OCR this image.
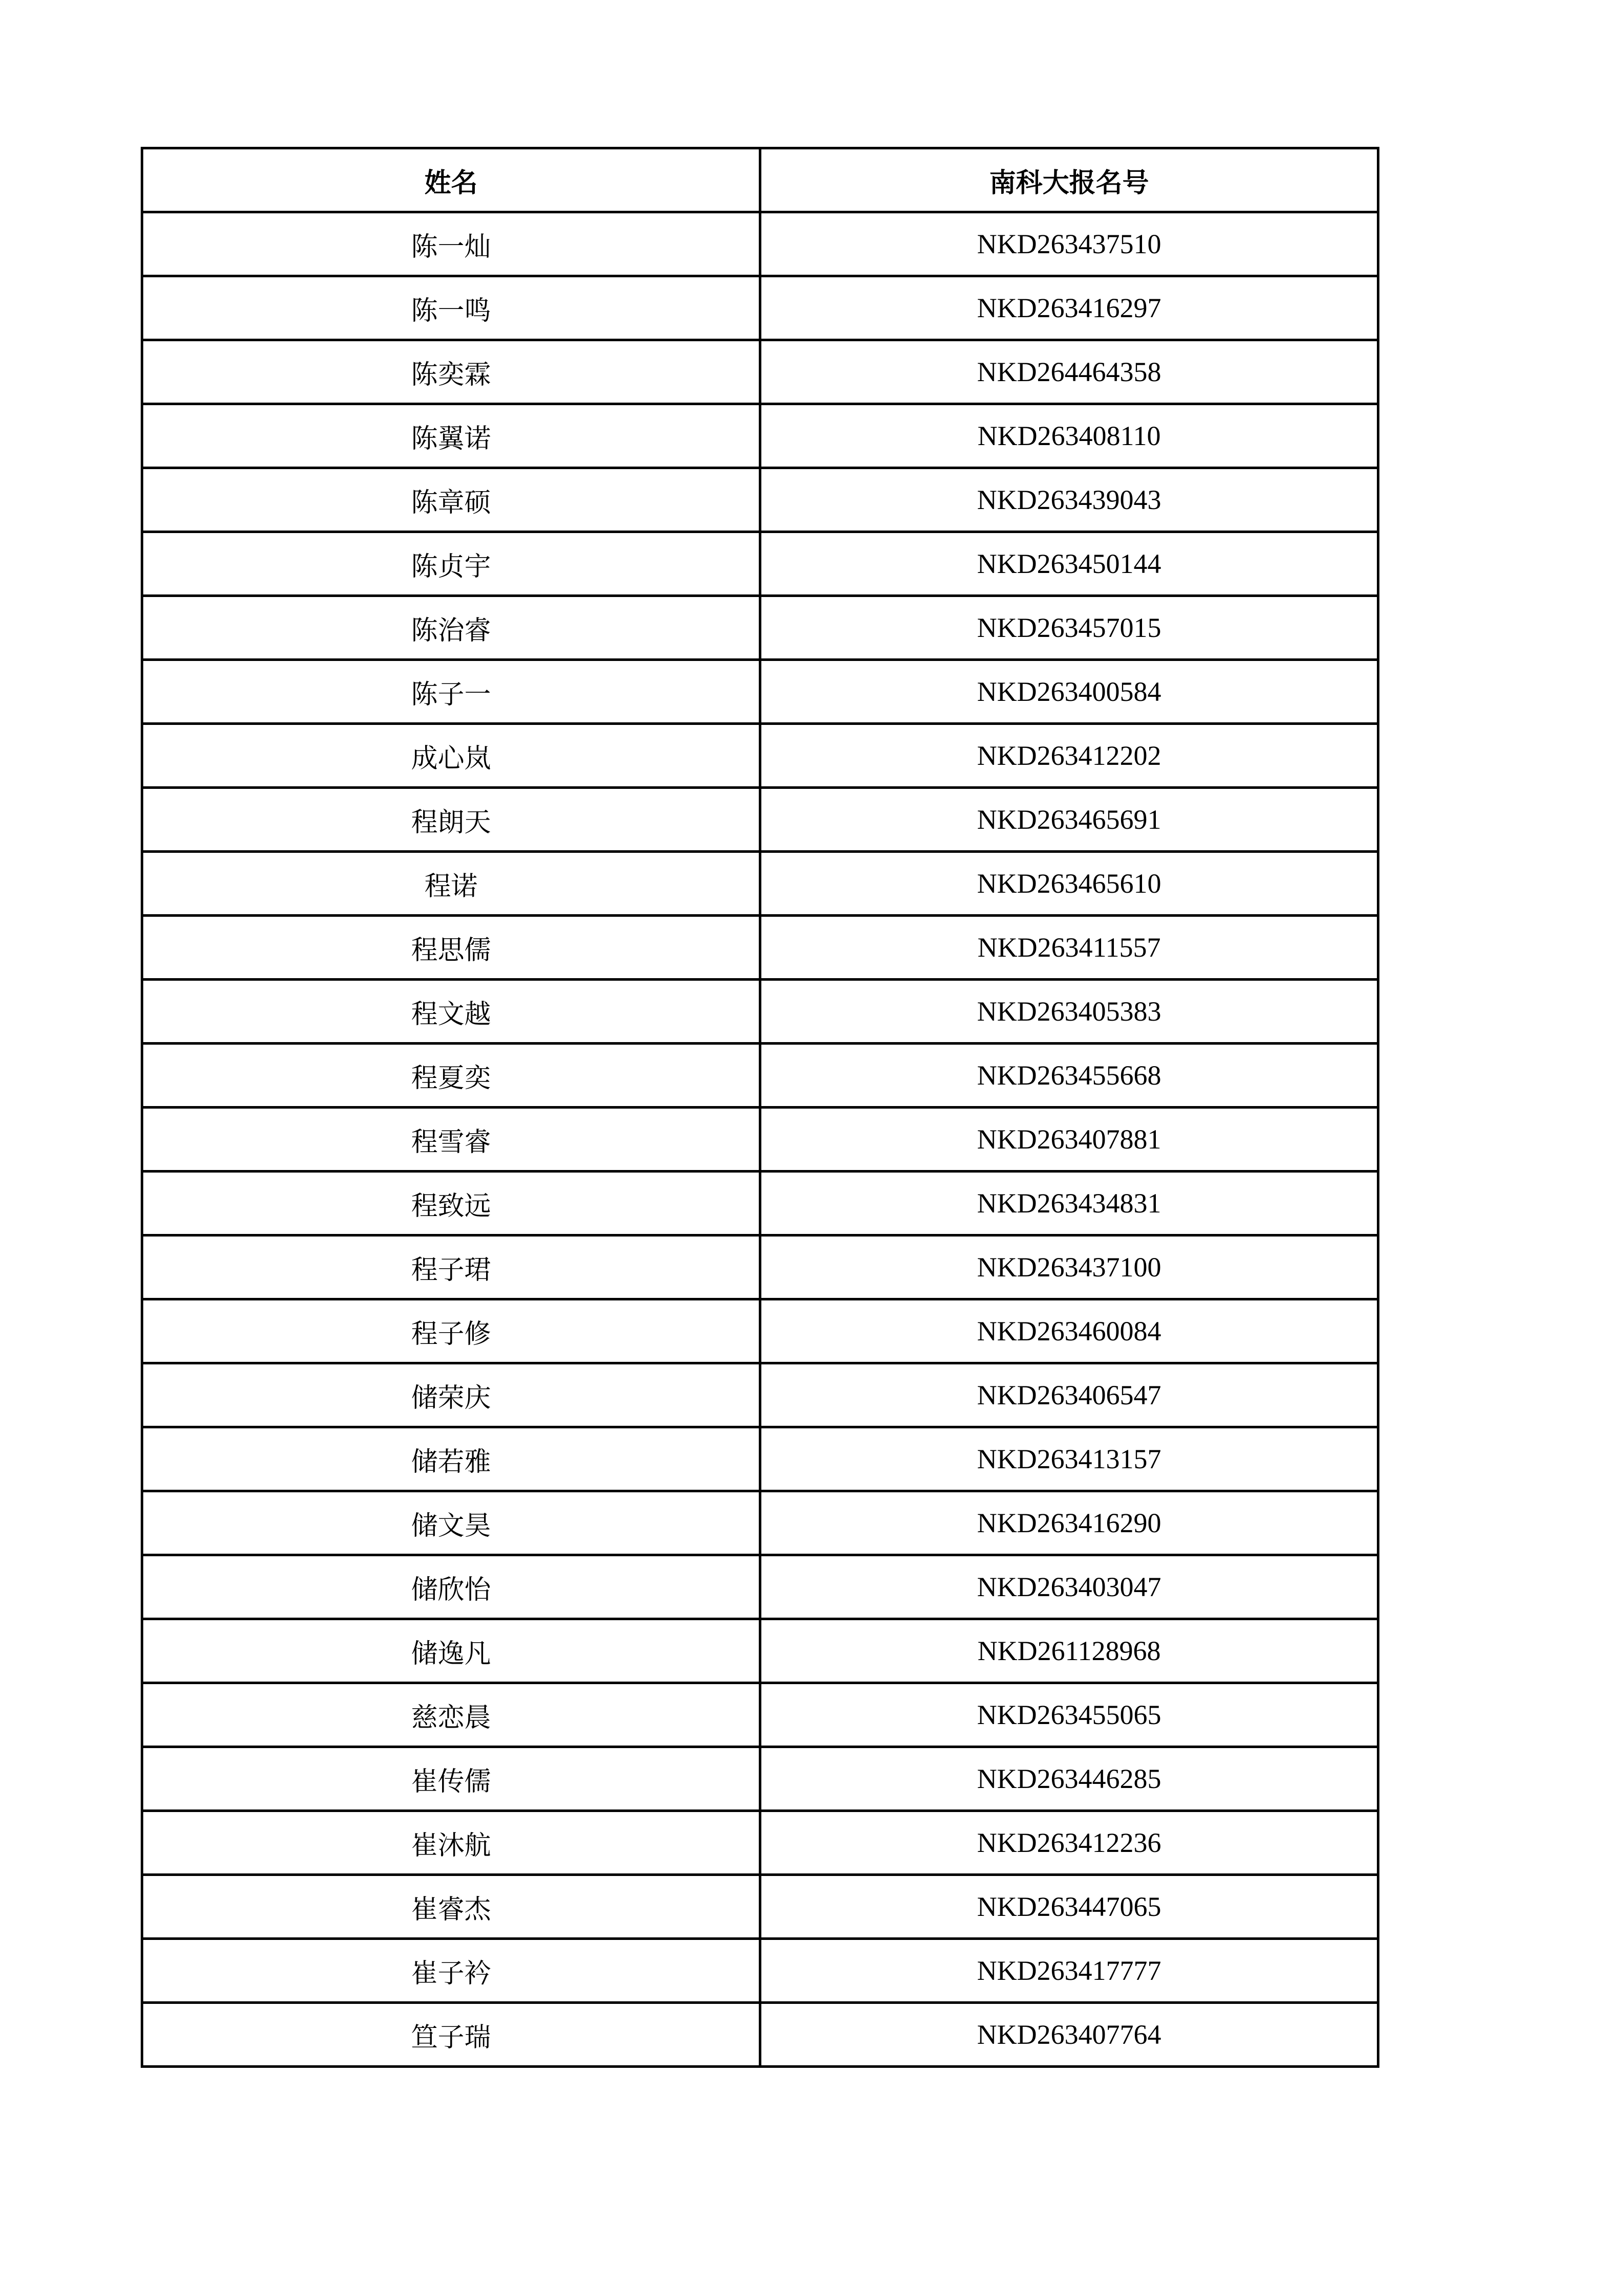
姓名	南科大报名号
陈一灿	NKD263437510
陈一鸣	NKD263416297
陈奕霖	NKD264464358
陈翼诺	NKD263408110
陈章硕	NKD263439043
陈贞宇	NKD263450144
陈治睿	NKD263457015
陈子一	NKD263400584
成心岚	NKD263412202
程朗天	NKD263465691
程诺	NKD263465610
程思儒	NKD263411557
程文越	NKD263405383
程夏奕	NKD263455668
程雪睿	NKD263407881
程致远	NKD263434831
程子珺	NKD263437100
程子修	NKD263460084
储荣庆	NKD263406547
储若雅	NKD263413157
储文昊	NKD263416290
储欣怡	NKD263403047
储逸凡	NKD261128968
慈恋晨	NKD263455065
崔传儒	NKD263446285
崔沐航	NKD263412236
崔睿杰	NKD263447065
崔子衿	NKD263417777
笪子瑞	NKD263407764
